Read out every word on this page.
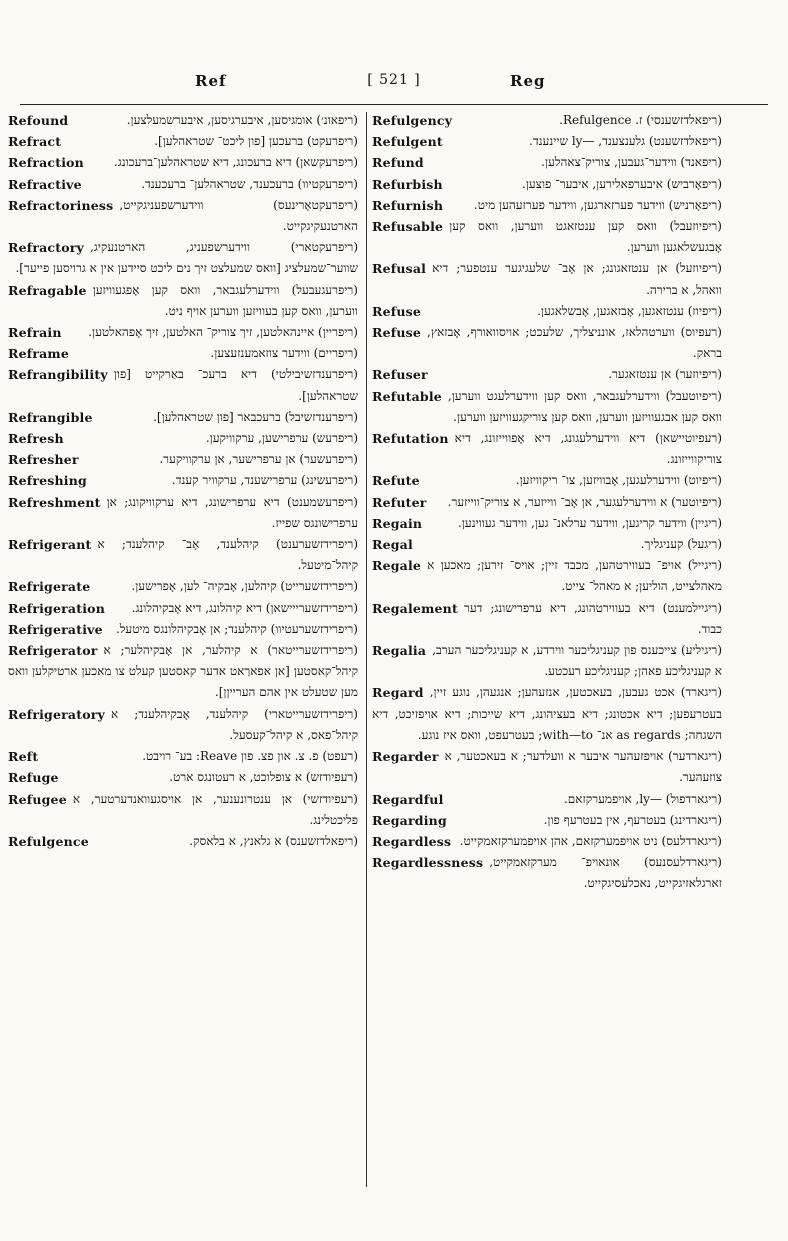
Ref	[ 521 ]	Reg

Refound	(ריפאונ׳) אומגיסען, איבערגיסען, איבערשמעלצען.

Refract	(ריפרעקט) ברעכען [פון ליכט־ שטראהלען].

Refraction	(ריפרעקשאן) דיא ברעכונג, דיא שטראהלען־ברעכונג.

Refractive	(ריפרעקטיוו) ברעכענד, שטראהלען־ ברעכענד.

Refractoriness (ריפרעקטאָרינעס) ווידערשפעניגקייט, הארטנעקיגקייט.

Refractory (ריפרעקטארי) ווידערשפעניג, הארטנעקיג, שווער־שמעלציג [וואס שמעלצט זיך נים ליכט סיידען אין א גרויסען פייער].

Refragable (ריפרעגעבעל) ווידערלעגבאר, וואס קען אָפגעוויזען ווערען, וואס קען בעוויזען ווערען אויף ניט.

Refrain (ריפריין) איינהאלטען, זיך צוריק־ האלטען, זיך אָפהאלטען.

Reframe	(ריפריים) ווידער צוזאמענזעצען.

Refrangibility (ריפרענדזשיבילטי) דיא ברעכ־ באַרקייט [פון שטראהלען].

Refrangible	(ריפרענדזשיבל) ברעכבאר [פון שטראהלען].

Refresh	(ריפרעש) ערפרישען, ערקוויקען.

Refresher	(ריפרעשער) אן ערפרישער, אן ערקוויקער.

Refreshing	(ריפרעשינג) ערפרישענד, ערקוויר קענד.

Refreshment (ריפרעשמענט) דיא ערפרישונג, דיא ערקוויקונג; אן ערפרישונגס שפייז.

Refrigerant (ריפרידזשערענט) קיהלענד, אָב־ קיהלענד; א קיהל־מיטעל.

Refrigerate	(ריפרידזשערייט) קיהלען, אָבקיה־ לען, אָפרישען.

Refrigeration (ריפרידזשערייישאן) דיא קיהלונג, דיא אָבקיהלונג.

Refrigerative (ריפרידזשערעטיוו) קיהלענד; אן אָבקיהלונגס מיטעל.

Refrigerator (ריפרידזשערייטאר) א קיהלער, אן אָבקיהלער; א קיהל־קאסטען [אן אפארַאט אדער קאסטען קעלט צו מאכען ארטיקלען וואס מען שטעלט אין אהם הערייןן].

Refrigeratory (ריפרידזשערייטארי) קיהלענד, אָבקיהלענד; א קיהל־פאס, א קיהל־קעסעל.

Reft	(רעפט) פ. צ. און פצ. פון Reave: בע־ רויבט.

Refuge	(רעפיודזש) א צופלוכט, א רעטונגס ארט.

Refugee (רעפיודזשי) אן ענטרונענער, אן אויסגעוואנדערטער, א פליכטלינג.

Refulgence	(ריפאלדזשענס) א גלאנץ, א בלאסק.

Refulgency	(ריפאלדזשענסי) ז. Refulgence.

Refulgent	(ריפאלדזשענט) גלענצענד, —ly שיינענד.

Refund	(ריפאנד) ווידער־געבען, צוריק־צאהלען.

Refurbish	(ריפאָרביש) איבערפאלירען, איבער־ פוצען.

Refurnish	(ריפאָרניש) ווידער פערזארגען, ווידער פערזעהען מיט.

Refusable (ריפיוזעבל) וואס קען ענטזאגט ווערען, וואס קען אָבגעשלאגען ווערען.

Refusal (ריפיוזעל) אן ענטזאגונג; אן אָב־ שלעגיגער ענטפער; דיא וואהל, א ברירה.

Refuse	(ריפיוז) ענטזאגען, אָבזאגען, אָבשלאגען.

Refuse (רעפיוס) ווערטהלאז, אונניצליך, שלעכט; אויסוואורף, אָבזאץ, בראק.

Refuser	(ריפיוזער) אן ענטזאגער.

Refutable (ריפיוטעבל) ווידערלעגבאר, וואס קען ווידערלעגט ווערען, וואס קען אבגעוויזען ווערען, וואס קען צוריקגעוויזען ווערען.

Refutation (רעפיוטיישאן) דיא ווידערלעגונג, דיא אָפווייזונג, דיא צוריקווייזונג.

Refute	(ריפיוט) ווידערלעגען, אָבוויזען, צו־ ריקוויזען.

Refuter (ריפיוטער) א ווידערלעגער, אן אָב־ ווייזער, א צוריק־ווייזער.

Regain	(ריגיין) ווידער קריגען, ווידער ערלאנ־ גען, ווידער געווינען.

Regal	(ריגעל) קעניגליך.

Regale (ריגייל) אויפ־ בעווירטהען, מכבד זיין; אויס־ זירען; מאכען א מאהלצייט, הוליען; א מאהל־ צייט.

Regalement (ריגיילמענט) דיא בעווירטהונג, דיא ערפרישונג; דער כבוד.

Regalia (ריגיליע) צייכענס פון קעניגליכער ווירדע, א קעניגליכער הערב, א קעניגליכע פאהן; קעניגליכע רעכטע.

Regard (ריגארד) אכט געבען, בעאכטען, אנזעהען; אנגעהן, נוגע זיין, בעטרעפען; דיא אכטונג; דיא בעציהונג, דיא שייכות; דיא אויפזיכט, דיא השגחה; as regards אנ־ with—to; בעטרעפט, וואס איז נוגע.

Regarder (ריגארדער) אויפזעהער איבער א וועלדער; א בעאכטער, א צוזעהער.

Regardful	(ריגארדפול) —ly, אויפמערקזאם.

Regarding	(ריגארדינג) בעטרעף, אין בעטרעף פון.

Regardless (ריגארדלעס) ניט אויפמערקזאם, אהן אויפמערקזאמקייט.

Regardlessness (ריגארדלעסנעס) אונאויפ־ מערקזאמקייט, זארגלאזיגקייט, נאכלעסיגקייט.
